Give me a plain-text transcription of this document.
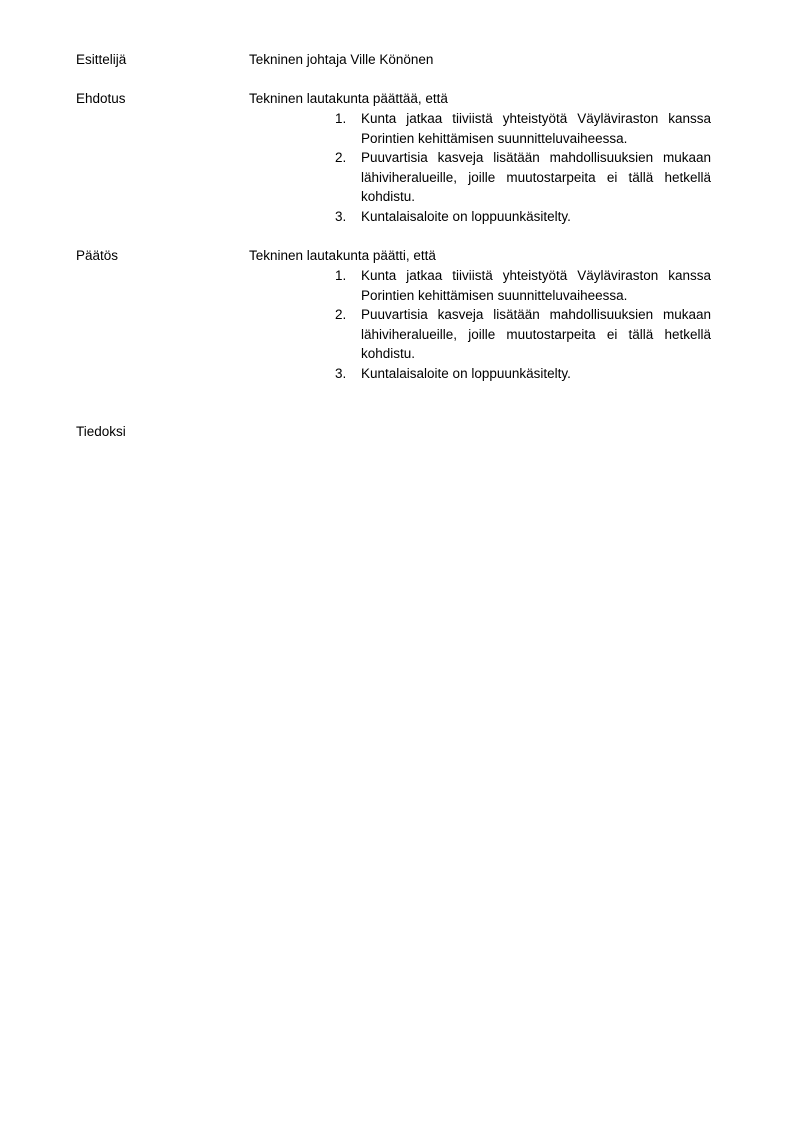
Esittelijä	Tekninen johtaja Ville Könönen
Ehdotus	Tekninen lautakunta päättää, että

1. Kunta jatkaa tiiviistä yhteistyötä Väyläviraston kanssa Porintien kehittämisen suunnitteluvaiheessa.
2. Puuvartisia kasveja lisätään mahdollisuuksien mukaan lähiviheralueille, joille muutostarpeita ei tällä hetkellä kohdistu.
3. Kuntalaisaloite on loppuunkäsitelty.
Päätös	Tekninen lautakunta päätti, että

1. Kunta jatkaa tiiviistä yhteistyötä Väyläviraston kanssa Porintien kehittämisen suunnitteluvaiheessa.
2. Puuvartisia kasveja lisätään mahdollisuuksien mukaan lähiviheralueille, joille muutostarpeita ei tällä hetkellä kohdistu.
3. Kuntalaisaloite on loppuunkäsitelty.
Tiedoksi
